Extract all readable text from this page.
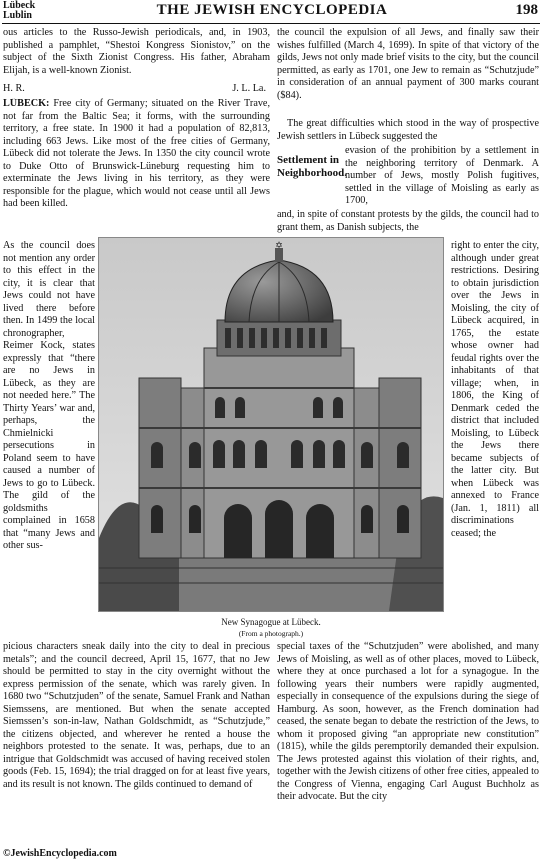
Lübeck
Lublin	THE JEWISH ENCYCLOPEDIA	198
ous articles to the Russo-Jewish periodicals, and, in 1903, published a pamphlet, “Shestoi Kongress Sionistov,” on the subject of the Sixth Zionist Congress. His father, Abraham Elijah, is a well-known Zionist.
H. R.	J. L. La.
LÜBECK: Free city of Germany; situated on the River Trave, not far from the Baltic Sea; it forms, with the surrounding territory, a free state. In 1900 it had a population of 82,813, including 663 Jews. Like most of the free cities of Germany, Lübeck did not tolerate the Jews. In 1350 the city council wrote to Duke Otto of Brunswick-Lüneburg requesting him to exterminate the Jews living in his territory, as they were responsible for the plague, which would not cease until all Jews had been killed.
As the council does not mention any order to this effect in the city, it is clear that Jews could not have lived there before then. In 1499 the local chronographer, Reimer Kock, states expressly that “there are no Jews in Lübeck, as they are not needed here.” The Thirty Years’ war and, perhaps, the Chmielnicki persecutions in Poland seem to have caused a number of Jews to go to Lübeck. The gild of the goldsmiths complained in 1658 that “many Jews and other sus-
picious characters sneak daily into the city to deal in precious metals”; and the council decreed, April 15, 1677, that no Jew should be permitted to stay in the city overnight without the express permission of the senate, which was rarely given. In 1680 two “Schutzjuden” of the senate, Samuel Frank and Nathan Siemssens, are mentioned. But when the senate accepted Siemssen’s son-in-law, Nathan Goldschmidt, as “Schutzjude,” the citizens objected, and wherever he rented a house the neighbors protested to the senate. It was, perhaps, due to an intrigue that Goldschmidt was accused of having received stolen goods (Feb. 15, 1694); the trial dragged on for at least five years, and its result is not known. The gilds continued to demand of
the council the expulsion of all Jews, and finally saw their wishes fulfilled (March 4, 1699). In spite of that victory of the gilds, Jews not only made brief visits to the city, but the council permitted, as early as 1701, one Jew to remain as “Schutzjude” in consideration of an annual payment of 300 marks courant ($84).
The great difficulties which stood in the way of prospective Jewish settlers in Lübeck suggested the
Settlement in Neighborhood.
evasion of the prohibition by a settlement in the neighboring territory of Denmark. A number of Jews, mostly Polish fugitives, settled in the village of Moisling as early as 1700,
and, in spite of constant protests by the gilds, the council had to grant them, as Danish subjects, the
right to enter the city, although under great restrictions. Desiring to obtain jurisdiction over the Jews in Moisling, the city of Lübeck acquired, in 1765, the estate whose owner had feudal rights over the inhabitants of that village; when, in 1806, the King of Denmark ceded the district that included Moisling, to Lübeck the Jews there became subjects of the latter city. But when Lübeck was annexed to France (Jan. 1, 1811) all discriminations ceased; the
special taxes of the “Schutzjuden” were abolished, and many Jews of Moisling, as well as of other places, moved to Lübeck, where they at once purchased a lot for a synagogue. In the following years their numbers were rapidly augmented, especially in consequence of the expulsions during the siege of Hamburg. As soon, however, as the French domination had ceased, the senate began to debate the restriction of the Jews, to whom it proposed giving “an appropriate new constitution” (1815), while the gilds peremptorily demanded their expulsion. The Jews protested against this violation of their rights, and, together with the Jewish citizens of other free cities, appealed to the Congress of Vienna, engaging Carl August Buchholz as their advocate. But the city
✡
New Synagogue at Lübeck.
(From a photograph.)
©JewishEncyclopedia.com
